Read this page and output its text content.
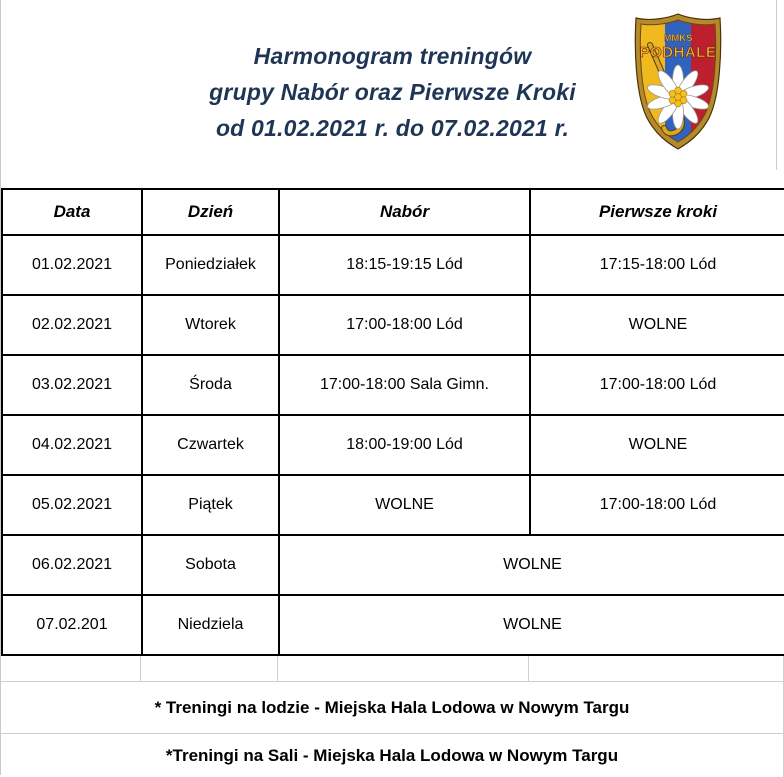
Harmonogram treningów
grupy Nabór oraz Pierwsze Kroki
od 01.02.2021 r. do 07.02.2021 r.
MMKS
PODHALE
Data	Dzień	Nabór	Pierwsze kroki
01.02.2021	Poniedziałek	18:15-19:15 Lód	17:15-18:00 Lód
02.02.2021	Wtorek	17:00-18:00 Lód	WOLNE
03.02.2021	Środa	17:00-18:00 Sala Gimn.	17:00-18:00 Lód
04.02.2021	Czwartek	18:00-19:00 Lód	WOLNE
05.02.2021	Piątek	WOLNE	17:00-18:00 Lód
06.02.2021	Sobota	WOLNE	
07.02.201	Niedziela	WOLNE	
* Treningi na lodzie - Miejska Hala Lodowa w Nowym Targu
*Treningi na Sali - Miejska Hala Lodowa w Nowym Targu
